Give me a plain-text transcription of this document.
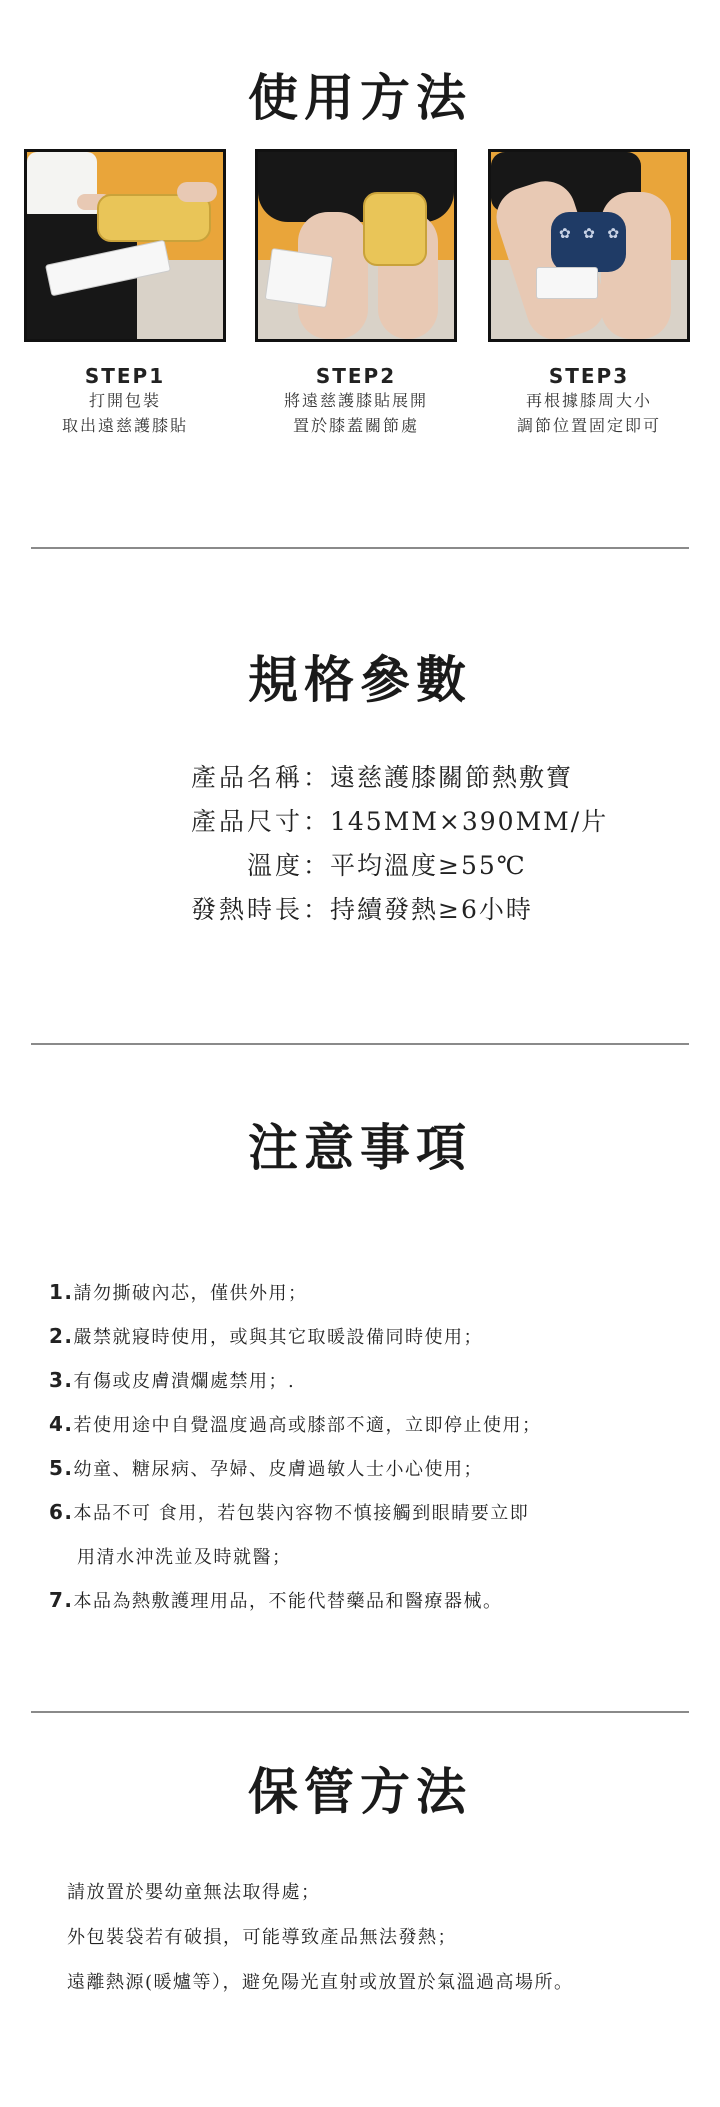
使用方法
STEP1
打開包裝
取出遠慈護膝貼
STEP2
將遠慈護膝貼展開
置於膝蓋關節處
✿ ✿ ✿
STEP3
再根據膝周大小
調節位置固定即可
規格參數
產品名稱 ：遠慈護膝關節熱敷寶
產品尺寸 ：145MM×390MM/片
溫度 ：平均溫度≥55℃
發熱時長 ：持續發熱≥6小時
注意事項
1.請勿撕破內芯，僅供外用；
2.嚴禁就寢時使用，或與其它取暖設備同時使用；
3.有傷或皮膚潰爛處禁用；.
4.若使用途中自覺溫度過高或膝部不適，立即停止使用；
5.幼童、糖尿病、孕婦、皮膚過敏人士小心使用；
6.本品不可 食用，若包裝內容物不慎接觸到眼睛要立即
用清水沖洗並及時就醫；
7.本品為熱敷護理用品，不能代替藥品和醫療器械。
保管方法
請放置於嬰幼童無法取得處；
外包裝袋若有破損，可能導致產品無法發熱；
遠離熱源(暖爐等），避免陽光直射或放置於氣溫過高場所。
